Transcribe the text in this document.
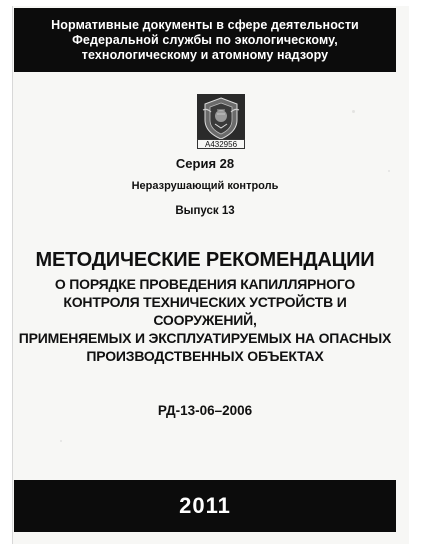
Нормативные документы в сфере деятельности
Федеральной службы по экологическому,
технологическому и атомному надзору
A432956
Серия 28
Неразрушающий контроль
Выпуск 13
МЕТОДИЧЕСКИЕ РЕКОМЕНДАЦИИ
О ПОРЯДКЕ ПРОВЕДЕНИЯ КАПИЛЛЯРНОГО
КОНТРОЛЯ ТЕХНИЧЕСКИХ УСТРОЙСТВ И СООРУЖЕНИЙ,
ПРИМЕНЯЕМЫХ И ЭКСПЛУАТИРУЕМЫХ НА ОПАСНЫХ
ПРОИЗВОДСТВЕННЫХ ОБЪЕКТАХ
РД-13-06–2006
2011
